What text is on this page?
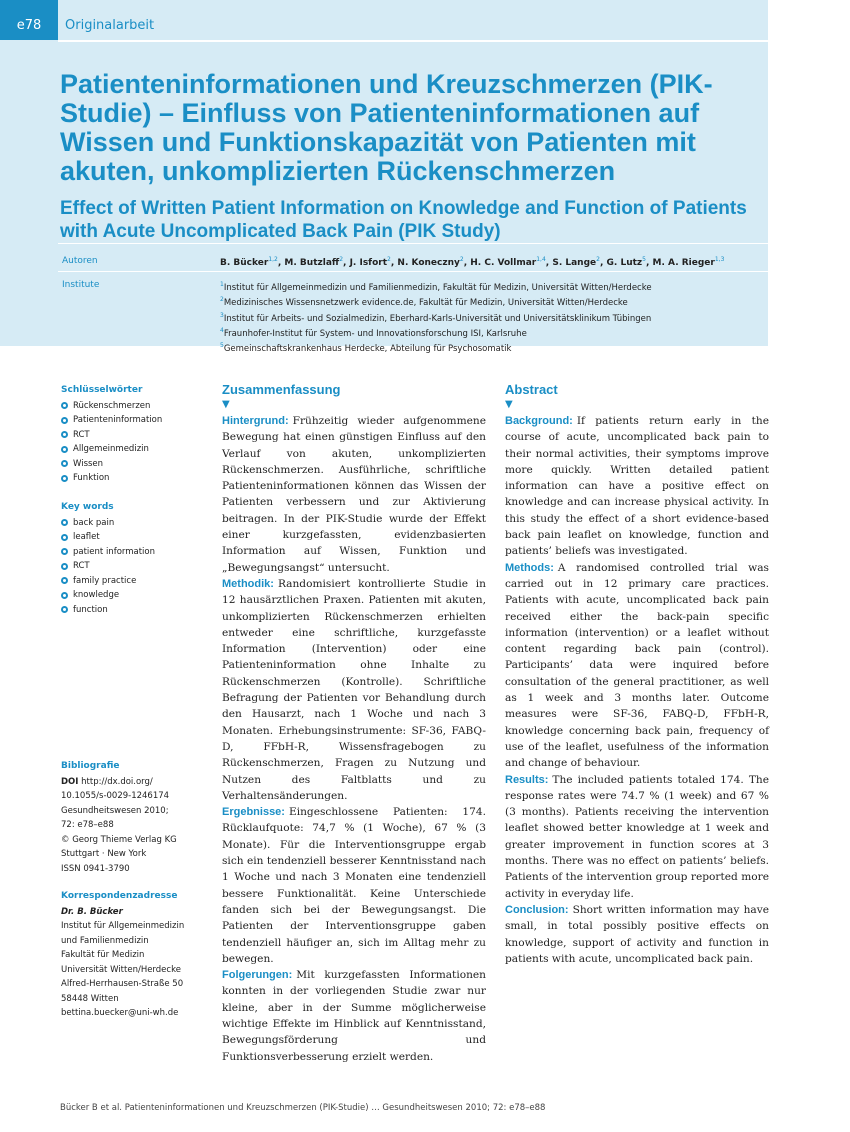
e78	Originalarbeit
Patienteninformationen und Kreuzschmerzen (PIK-Studie) – Einfluss von Patienteninformationen auf Wissen und Funktionskapazität von Patienten mit akuten, unkomplizierten Rückenschmerzen
Effect of Written Patient Information on Knowledge and Function of Patients with Acute Uncomplicated Back Pain (PIK Study)
Autoren	B. Bücker$^{1,2}$, M. Butzlaff$^2$, J. Isfort$^2$, N. Koneczny$^2$, H. C. Vollmar$^{1,4}$, S. Lange$^2$, G. Lutz$^5$, M. A. Rieger$^{1,3}$
Institute	$^1$Institut für Allgemeinmedizin und Familienmedizin, Fakultät für Medizin, Universität Witten/Herdecke
$^2$Medizinisches Wissensnetzwerk evidence.de, Fakultät für Medizin, Universität Witten/Herdecke
$^3$Institut für Arbeits- und Sozialmedizin, Eberhard-Karls-Universität und Universitätsklinikum Tübingen
$^4$Fraunhofer-Institut für System- und Innovationsforschung ISI, Karlsruhe
$^5$Gemeinschaftskrankenhaus Herdecke, Abteilung für Psychosomatik
Schlüsselwörter
Rückenschmerzen
Patienteninformation
RCT
Allgemeinmedizin
Wissen
Funktion
Key words
back pain
leaflet
patient information
RCT
family practice
knowledge
function
Bibliografie
DOI http://dx.doi.org/
10.1055/s-0029-1246174
Gesundheitswesen 2010;
72: e78–e88
© Georg Thieme Verlag KG
Stuttgart · New York
ISSN 0941-3790
Korrespondenzadresse
Dr. B. Bücker
Institut für Allgemeinmedizin
und Familienmedizin
Fakultät für Medizin
Universität Witten/Herdecke
Alfred-Herrhausen-Straße 50
58448 Witten
bettina.buecker@uni-wh.de
Zusammenfassung
▼

Hintergrund: Frühzeitig wieder aufgenommene Bewegung hat einen günstigen Einfluss auf den Verlauf von akuten, unkomplizierten Rückenschmerzen. Ausführliche, schriftliche Patienteninformationen können das Wissen der Patienten verbessern und zur Aktivierung beitragen. In der PIK-Studie wurde der Effekt einer kurzgefassten, evidenzbasierten Information auf Wissen, Funktion und „Bewegungsangst“ untersucht.

Methodik: Randomisiert kontrollierte Studie in 12 hausärztlichen Praxen. Patienten mit akuten, unkomplizierten Rückenschmerzen erhielten entweder eine schriftliche, kurzgefasste Information (Intervention) oder eine Patienteninformation ohne Inhalte zu Rückenschmerzen (Kontrolle). Schriftliche Befragung der Patienten vor Behandlung durch den Hausarzt, nach 1 Woche und nach 3 Monaten. Erhebungsinstrumente: SF-36, FABQ-D, FFbH-R, Wissensfragebogen zu Rückenschmerzen, Fragen zu Nutzung und Nutzen des Faltblatts und zu Verhaltensänderungen.

Ergebnisse: Eingeschlossene Patienten: 174. Rücklaufquote: 74,7 % (1 Woche), 67 % (3 Monate). Für die Interventionsgruppe ergab sich ein tendenziell besserer Kenntnisstand nach 1 Woche und nach 3 Monaten eine tendenziell bessere Funktionalität. Keine Unterschiede fanden sich bei der Bewegungsangst. Die Patienten der Interventionsgruppe gaben tendenziell häufiger an, sich im Alltag mehr zu bewegen.

Folgerungen: Mit kurzgefassten Informationen konnten in der vorliegenden Studie zwar nur kleine, aber in der Summe möglicherweise wichtige Effekte im Hinblick auf Kenntnisstand, Bewegungsförderung und Funktionsverbesserung erzielt werden.

Abstract
▼

Background: If patients return early in the course of acute, uncomplicated back pain to their normal activities, their symptoms improve more quickly. Written detailed patient information can have a positive effect on knowledge and can increase physical activity. In this study the effect of a short evidence-based back pain leaflet on knowledge, function and patients’ beliefs was investigated.

Methods: A randomised controlled trial was carried out in 12 primary care practices. Patients with acute, uncomplicated back pain received either the back-pain specific information (intervention) or a leaflet without content regarding back pain (control). Participants’ data were inquired before consultation of the general practitioner, as well as 1 week and 3 months later. Outcome measures were SF-36, FABQ-D, FFbH-R, knowledge concerning back pain, frequency of use of the leaflet, usefulness of the information and change of behaviour.

Results: The included patients totaled 174. The response rates were 74.7 % (1 week) and 67 % (3 months). Patients receiving the intervention leaflet showed better knowledge at 1 week and greater improvement in function scores at 3 months. There was no effect on patients’ beliefs. Patients of the intervention group reported more activity in everyday life.

Conclusion: Short written information may have small, in total possibly positive effects on knowledge, support of activity and function in patients with acute, uncomplicated back pain.

Bücker B et al. Patienteninformationen und Kreuzschmerzen (PIK-Studie) … Gesundheitswesen 2010; 72: e78–e88
